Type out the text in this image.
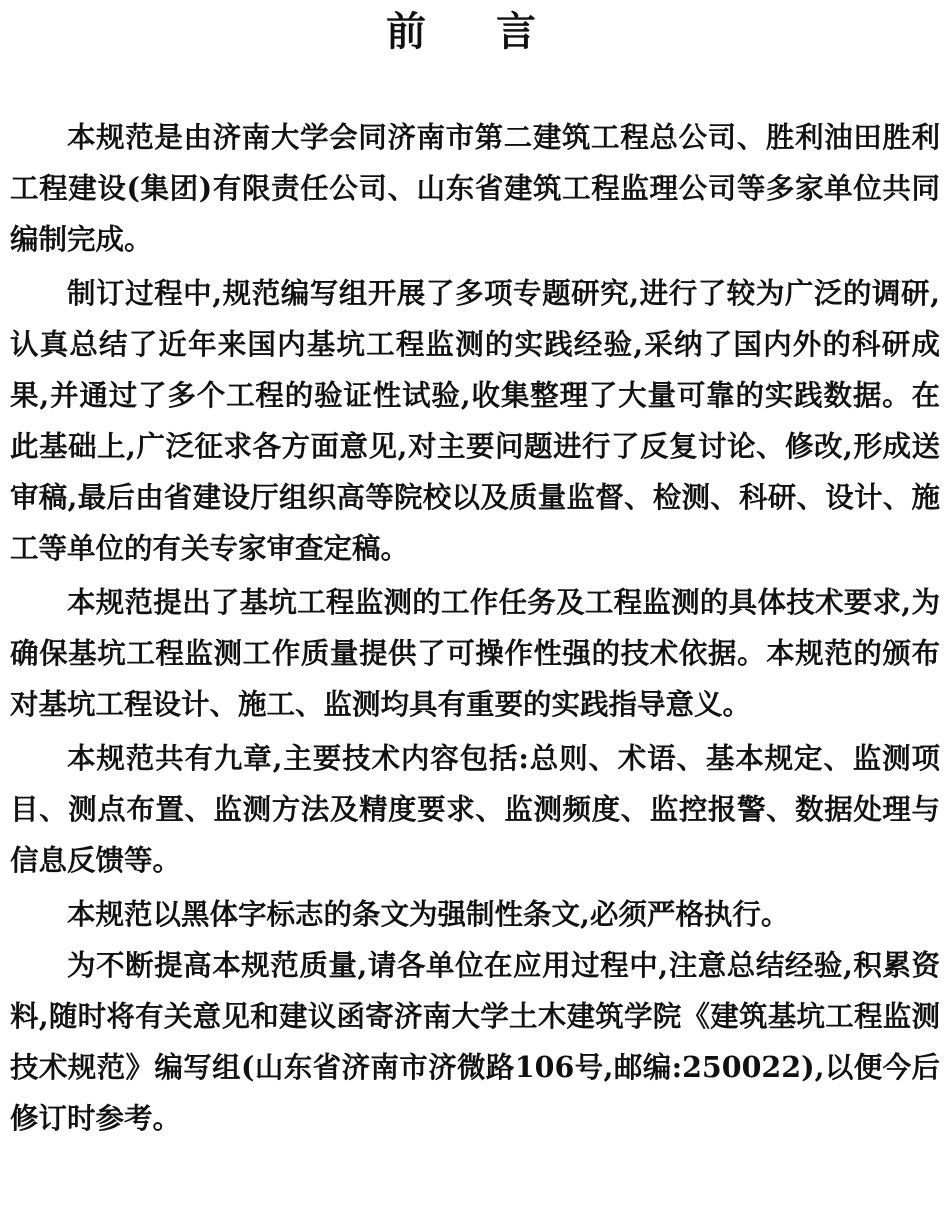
前 言

本规范是由济南大学会同济南市第二建筑工程总公司、胜利油田胜利工程建设(集团)有限责任公司、山东省建筑工程监理公司等多家单位共同编制完成。

制订过程中,规范编写组开展了多项专题研究,进行了较为广泛的调研,认真总结了近年来国内基坑工程监测的实践经验,采纳了国内外的科研成果,并通过了多个工程的验证性试验,收集整理了大量可靠的实践数据。在此基础上,广泛征求各方面意见,对主要问题进行了反复讨论、修改,形成送审稿,最后由省建设厅组织高等院校以及质量监督、检测、科研、设计、施工等单位的有关专家审查定稿。

本规范提出了基坑工程监测的工作任务及工程监测的具体技术要求,为确保基坑工程监测工作质量提供了可操作性强的技术依据。本规范的颁布对基坑工程设计、施工、监测均具有重要的实践指导意义。

本规范共有九章,主要技术内容包括:总则、术语、基本规定、监测项目、测点布置、监测方法及精度要求、监测频度、监控报警、数据处理与信息反馈等。

本规范以黑体字标志的条文为强制性条文,必须严格执行。

为不断提高本规范质量,请各单位在应用过程中,注意总结经验,积累资料,随时将有关意见和建议函寄济南大学土木建筑学院《建筑基坑工程监测技术规范》编写组(山东省济南市济微路106号,邮编:250022),以便今后修订时参考。
